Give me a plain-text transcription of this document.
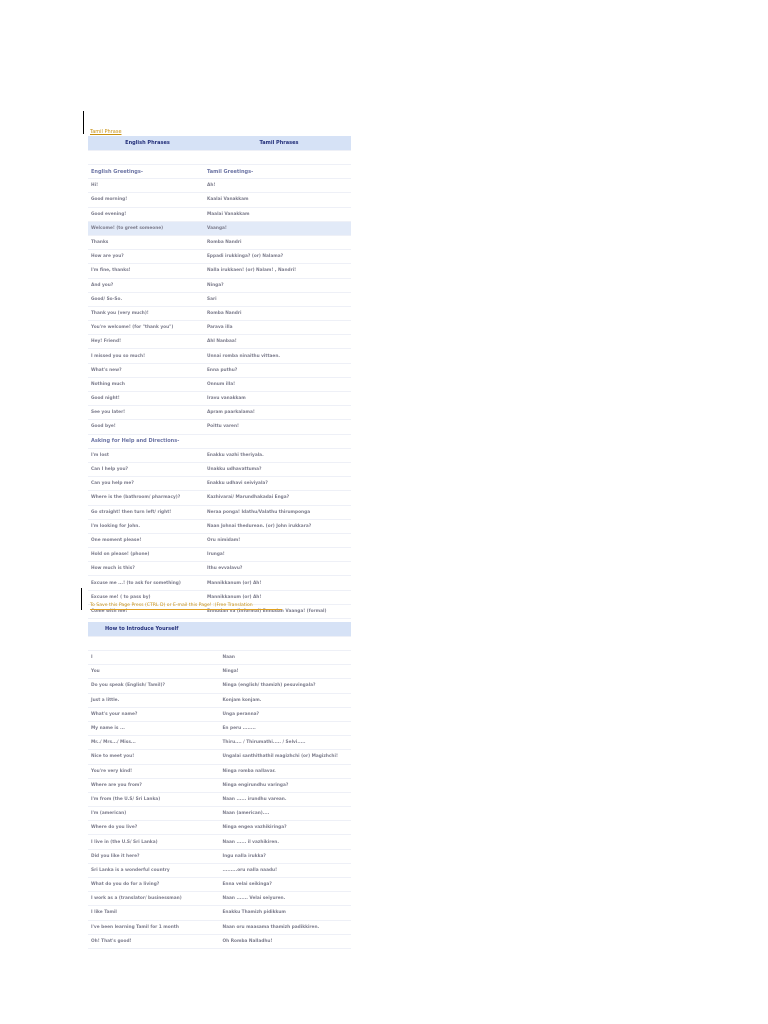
Tamil Phrase
English Phrases	Tamil Phrases

English Greetings-	Tamil Greetings-
Hi!	Ah!
Good morning!	Kaalai Vanakkam
Good evening!	Maalai Vanakkam
Welcome! (to greet someone)	Vaanga!
Thanks	Romba Nandri
How are you?	Eppadi irukkinga? (or) Nalama?
I'm fine, thanks!	Nalla irukkaen! (or) Nalam! , Nandri!
And you?	Ninga?
Good/ So-So.	Sari
Thank you (very much)!	Romba Nandri
You're welcome! (for "thank you")	Parava illa
Hey! Friend!	Ahl Nanbaa!
I missed you so much!	Unnai romba ninaithu vittaen.
What's new?	Enna puthu?
Nothing much	Onnum illa!
Good night!	Iravu vanakkam
See you later!	Apram paarkalama!
Good bye!	Poittu varen!
Asking for Help and Directions-	
I'm lost	Enakku vazhi theriyala.
Can I help you?	Unakku udhavattuma?
Can you help me?	Enakku udhavi seiviyala?
Where is the (bathroom/ pharmacy)?	Kazhivarai/ Marundhakadai Enga?
Go straight! then turn left/ right!	Neraa ponga! Idathu/Valathu thirumponga
I'm looking for John.	Naan Johnai thedurean. (or) John irukkara?
One moment please!	Oru nimidam!
Hold on please! (phone)	Irunga!
How much is this?	Ithu evvalavu?
Excuse me ...! (to ask for something)	Mannikkanum (or) Ah!
Excuse me! ( to pass by)	Mannikkanum (or) Ah!
Come with me!	Ennudan va (Informal) Ennudan Vaanga! (formal)
To Save this Page Press (CTRL D) or E-mail this Page! :)Free Translation
How to Introduce Yourself	

I	Naan
You	Ninga!
Do you speak (English/ Tamil)?	Ninga (english/ thamizh) pesuvingala?
Just a little.	Konjam konjam.
What's your name?	Unga peranna?
My name is ...	En peru ........
Mr../ Mrs.../ Miss...	Thiru.... / Thirumathi..... / Selvi.....
Nice to meet you!	Ungalai santhithathil magizhchi (or) Magizhchi!
You're very kind!	Ninga romba nallavar.
Where are you from?	Ninga engirundhu varinga?
I'm from (the U.S/ Sri Lanka)	Naan ...... irundhu varean.
I'm (american)	Naan (american)....
Where do you live?	Ninga engea vazhikiringa?
I live in (the U.S/ Sri Lanka)	Naan ...... il vazhikiren.
Did you like it here?	Ingu nalla irukka?
Sri Lanka is a wonderful country	.........oru nalla naadu!
What do you do for a living?	Enna velai seikinga?
I work as a (translator/ businessman)	Naan ....... Velai seiyuren.
I like Tamil	Enakku Thamizh pidikkum
I've been learning Tamil for 1 month	Naan oru maasama thamizh padikkiren.
Oh! That's good!	Oh Romba Nalladhu!
